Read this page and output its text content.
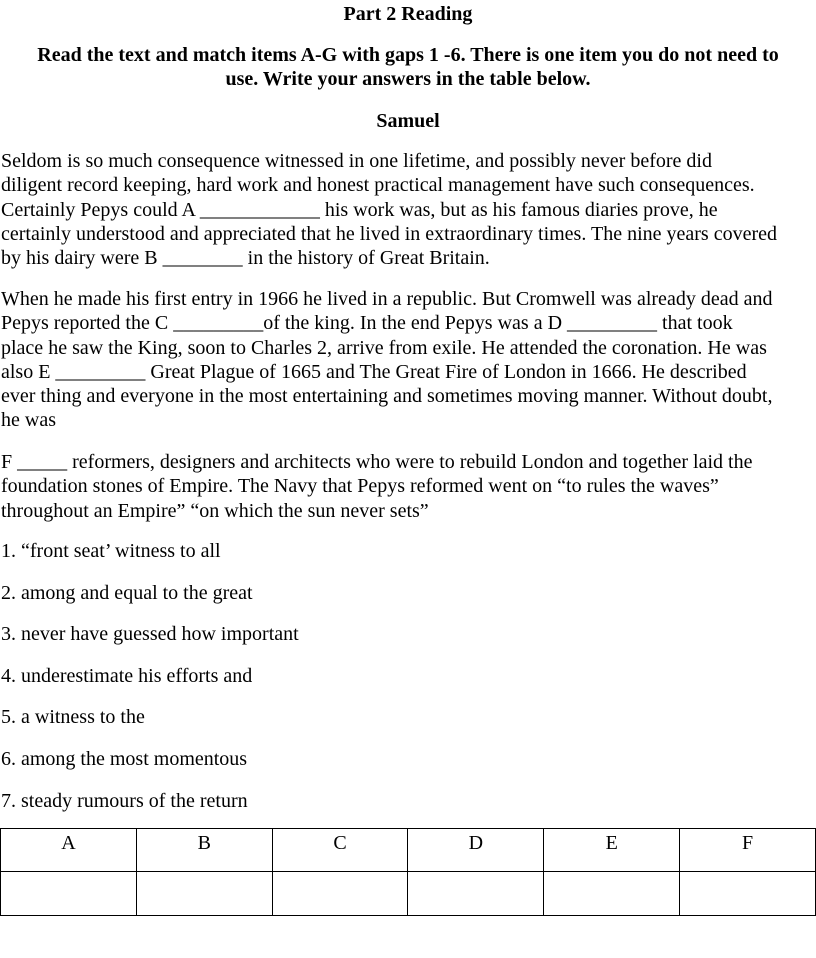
Part 2 Reading

Read the text and match items A-G with gaps 1 -6. There is one item you do not need to

use. Write your answers in the table below.

Samuel

Seldom is so much consequence witnessed in one lifetime, and possibly never before did
diligent record keeping, hard work and honest practical management have such consequences.
Certainly Pepys could A ____________ his work was, but as his famous diaries prove, he
certainly understood and appreciated that he lived in extraordinary times. The nine years covered
by his dairy were B ________ in the history of Great Britain.
When he made his first entry in 1966 he lived in a republic. But Cromwell was already dead and
Pepys reported the C _________of the king. In the end Pepys was a D _________ that took
place he saw the King, soon to Charles 2, arrive from exile. He attended the coronation. He was
also E _________ Great Plague of 1665 and The Great Fire of London in 1666. He described
ever thing and everyone in the most entertaining and sometimes moving manner. Without doubt,
he was
F _____ reformers, designers and architects who were to rebuild London and together laid the
foundation stones of Empire. The Navy that Pepys reformed went on “to rules the waves”
throughout an Empire” “on which the sun never sets”

1. “front seat’ witness to all

2. among and equal to the great

3. never have guessed how important

4. underestimate his efforts and

5. a witness to the

6. among the most momentous

7. steady rumours of the return

A	B	C	D	E	F
